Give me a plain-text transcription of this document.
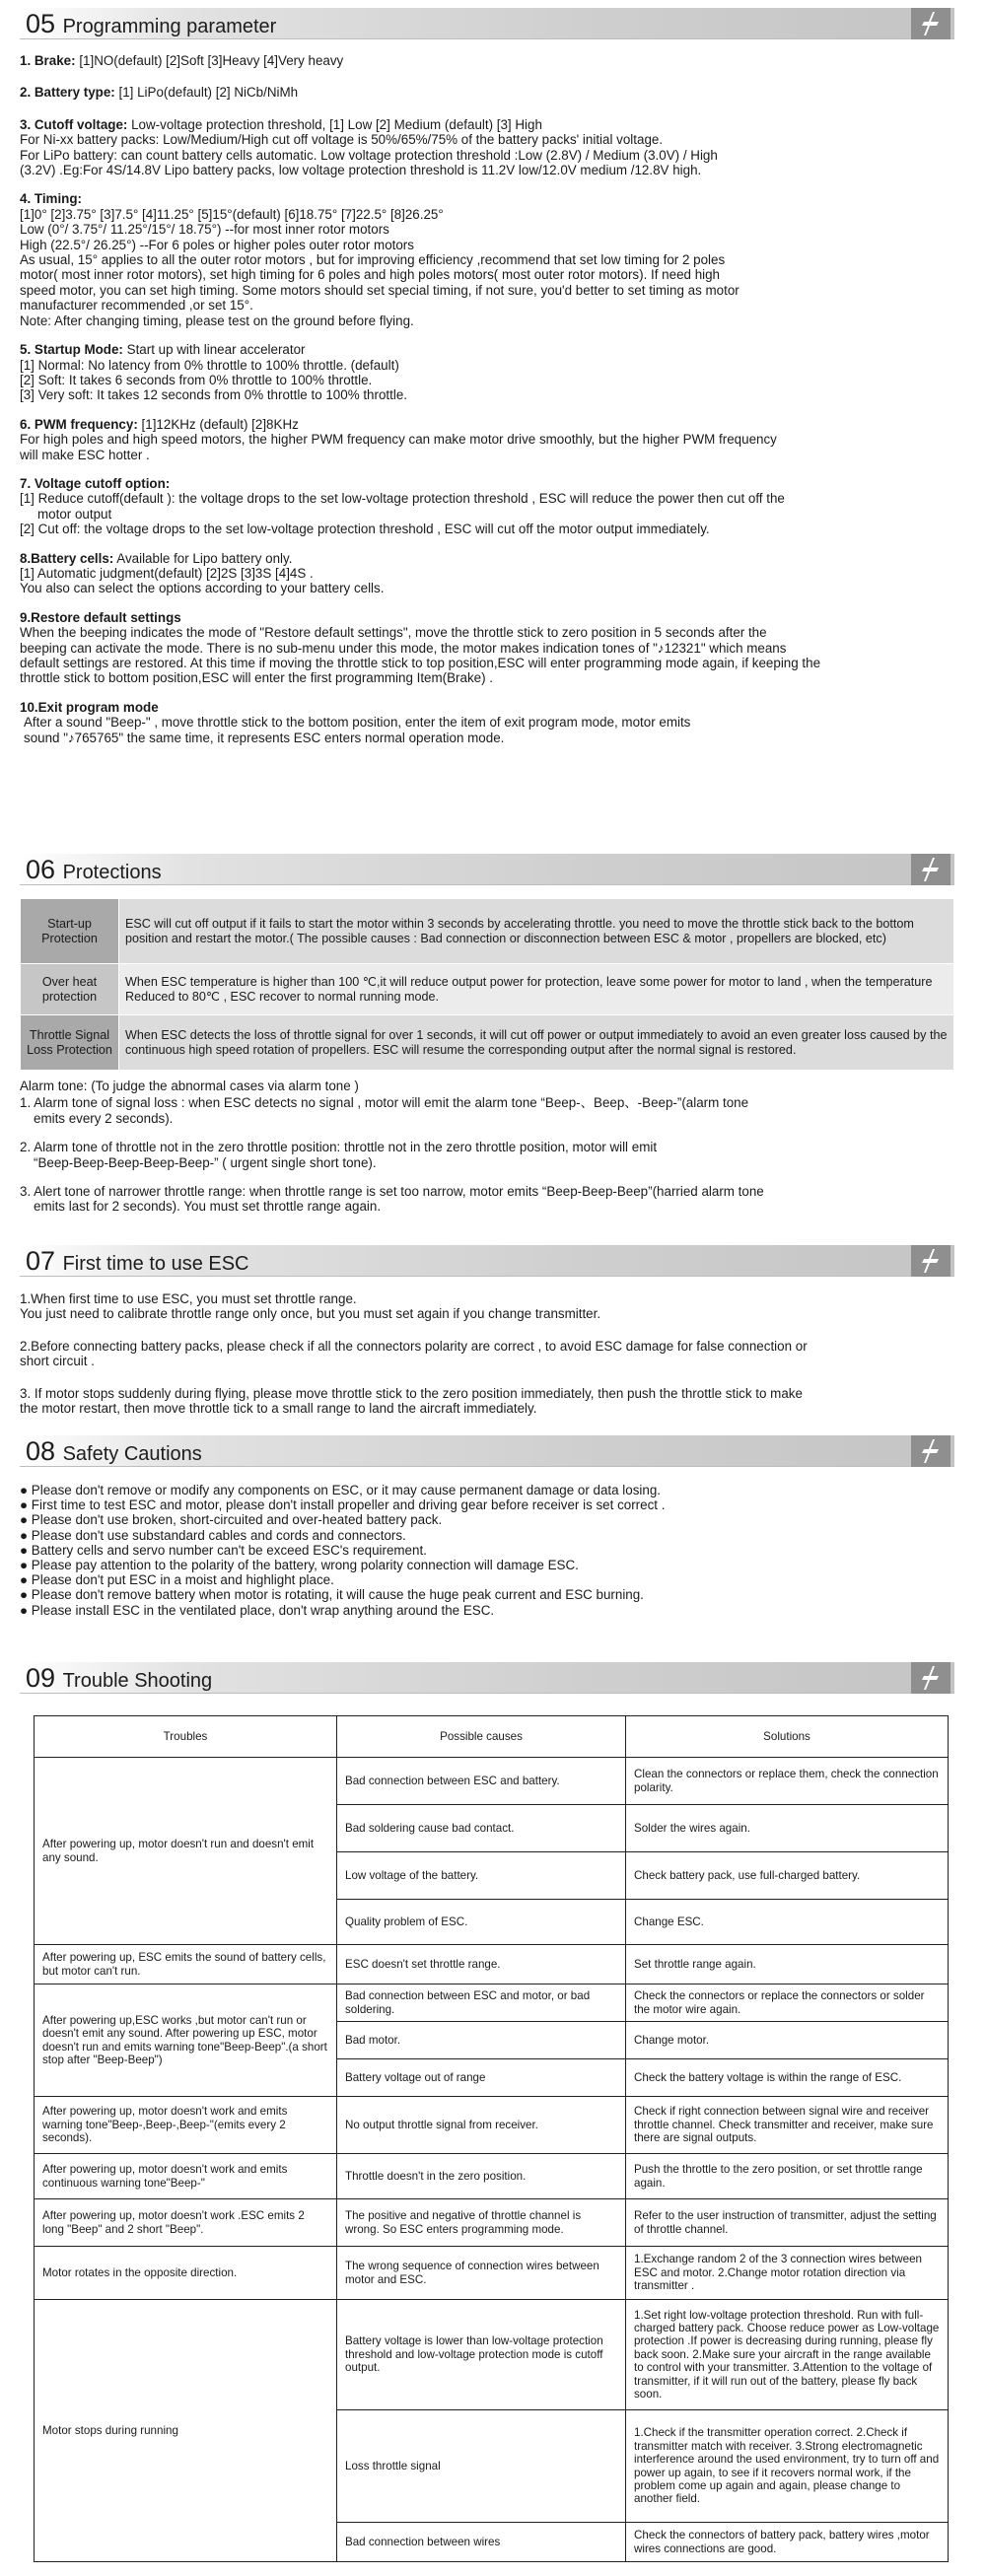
05 Programming parameter

1. Brake: [1]NO(default) [2]Soft [3]Heavy [4]Very heavy

2. Battery type: [1] LiPo(default) [2] NiCb/NiMh

3. Cutoff voltage: Low-voltage protection threshold, [1] Low [2] Medium (default) [3] High

For Ni-xx battery packs: Low/Medium/High cut off voltage is 50%/65%/75% of the battery packs' initial voltage.

For LiPo battery: can count battery cells automatic. Low voltage protection threshold :Low (2.8V) / Medium (3.0V) / High

(3.2V) .Eg:For 4S/14.8V Lipo battery packs, low voltage protection threshold is 11.2V low/12.0V medium /12.8V high.

4. Timing:

[1]0° [2]3.75° [3]7.5° [4]11.25° [5]15°(default) [6]18.75° [7]22.5° [8]26.25°

Low (0°/ 3.75°/ 11.25°/15°/ 18.75°) --for most inner rotor motors

High (22.5°/ 26.25°) --For 6 poles or higher poles outer rotor motors

As usual, 15° applies to all the outer rotor motors , but for improving efficiency ,recommend that set low timing for 2 poles

motor( most inner rotor motors), set high timing for 6 poles and high poles motors( most outer rotor motors). If need high

speed motor, you can set high timing. Some motors should set special timing, if not sure, you'd better to set timing as motor

manufacturer recommended ,or set 15°.

Note: After changing timing, please test on the ground before flying.

5. Startup Mode: Start up with linear accelerator

[1] Normal: No latency from 0% throttle to 100% throttle. (default)

[2] Soft: It takes 6 seconds from 0% throttle to 100% throttle.

[3] Very soft: It takes 12 seconds from 0% throttle to 100% throttle.

6. PWM frequency: [1]12KHz (default) [2]8KHz

For high poles and high speed motors, the higher PWM frequency can make motor drive smoothly, but the higher PWM frequency

will make ESC hotter .

7. Voltage cutoff option:

[1] Reduce cutoff(default ): the voltage drops to the set low-voltage protection threshold , ESC will reduce the power then cut off the

motor output

[2] Cut off: the voltage drops to the set low-voltage protection threshold , ESC will cut off the motor output immediately.

8.Battery cells: Available for Lipo battery only.

[1] Automatic judgment(default) [2]2S [3]3S [4]4S .

You also can select the options according to your battery cells.

9.Restore default settings

When the beeping indicates the mode of "Restore default settings", move the throttle stick to zero position in 5 seconds after the

beeping can activate the mode. There is no sub-menu under this mode, the motor makes indication tones of "♪12321" which means

default settings are restored. At this time if moving the throttle stick to top position,ESC will enter programming mode again, if keeping the

throttle stick to bottom position,ESC will enter the first programming Item(Brake) .

10.Exit program mode

After a sound "Beep-" , move throttle stick to the bottom position, enter the item of exit program mode, motor emits

sound "♪765765" the same time, it represents ESC enters normal operation mode.

06 Protections
Start-up Protection	ESC will cut off output if it fails to start the motor within 3 seconds by accelerating throttle. you need to move the throttle stick back to the bottom position and restart the motor.( The possible causes : Bad connection or disconnection between ESC & motor , propellers are blocked, etc)
Over heat protection	When ESC temperature is higher than 100 ℃,it will reduce output power for protection, leave some power for motor to land , when the temperature Reduced to 80℃ , ESC recover to normal running mode.
Throttle Signal Loss Protection	When ESC detects the loss of throttle signal for over 1 seconds, it will cut off power or output immediately to avoid an even greater loss caused by the continuous high speed rotation of propellers. ESC will resume the corresponding output after the normal signal is restored.

Alarm tone: (To judge the abnormal cases via alarm tone )

1. Alarm tone of signal loss : when ESC detects no signal , motor will emit the alarm tone “Beep-、Beep、-Beep-”(alarm tone

emits every 2 seconds).

2. Alarm tone of throttle not in the zero throttle position: throttle not in the zero throttle position, motor will emit

“Beep-Beep-Beep-Beep-Beep-” ( urgent single short tone).

3. Alert tone of narrower throttle range: when throttle range is set too narrow, motor emits “Beep-Beep-Beep”(harried alarm tone

emits last for 2 seconds). You must set throttle range again.

07 First time to use ESC

1.When first time to use ESC, you must set throttle range.

You just need to calibrate throttle range only once, but you must set again if you change transmitter.

2.Before connecting battery packs, please check if all the connectors polarity are correct , to avoid ESC damage for false connection or

short circuit .

3. If motor stops suddenly during flying, please move throttle stick to the zero position immediately, then push the throttle stick to make

the motor restart, then move throttle tick to a small range to land the aircraft immediately.

08 Safety Cautions

● Please don't remove or modify any components on ESC, or it may cause permanent damage or data losing.

● First time to test ESC and motor, please don't install propeller and driving gear before receiver is set correct .

● Please don't use broken, short-circuited and over-heated battery pack.

● Please don't use substandard cables and cords and connectors.

● Battery cells and servo number can't be exceed ESC's requirement.

● Please pay attention to the polarity of the battery, wrong polarity connection will damage ESC.

● Please don't put ESC in a moist and highlight place.

● Please don't remove battery when motor is rotating, it will cause the huge peak current and ESC burning.

● Please install ESC in the ventilated place, don't wrap anything around the ESC.

09 Trouble Shooting
Troubles	Possible causes	Solutions
After powering up, motor doesn't run and doesn't emit any sound.	Bad connection between ESC and battery.	Clean the connectors or replace them, check the connection polarity.
	Bad soldering cause bad contact.	Solder the wires again.
	Low voltage of the battery.	Check battery pack, use full-charged battery.
	Quality problem of ESC.	Change ESC.
After powering up, ESC emits the sound of battery cells, but motor can't run.	ESC doesn't set throttle range.	Set throttle range again.
After powering up,ESC works ,but motor can't run or doesn't emit any sound. After powering up ESC, motor doesn't run and emits warning tone"Beep-Beep".(a short stop after "Beep-Beep")	Bad connection between ESC and motor, or bad soldering.	Check the connectors or replace the connectors or solder the motor wire again.
	Bad motor.	Change motor.
	Battery voltage out of range	Check the battery voltage is within the range of ESC.
After powering up, motor doesn't work and emits warning tone"Beep-,Beep-,Beep-"(emits every 2 seconds).	No output throttle signal from receiver.	Check if right connection between signal wire and receiver throttle channel. Check transmitter and receiver, make sure there are signal outputs.
After powering up, motor doesn't work and emits continuous warning tone"Beep-"	Throttle doesn't in the zero position.	Push the throttle to the zero position, or set throttle range again.
After powering up, motor doesn't work .ESC emits 2 long "Beep" and 2 short "Beep".	The positive and negative of throttle channel is wrong. So ESC enters programming mode.	Refer to the user instruction of transmitter, adjust the setting of throttle channel.
Motor rotates in the opposite direction.	The wrong sequence of connection wires between motor and ESC.	1.Exchange random 2 of the 3 connection wires between ESC and motor. 2.Change motor rotation direction via transmitter .
Motor stops during running	Battery voltage is lower than low-voltage protection threshold and low-voltage protection mode is cutoff output.	1.Set right low-voltage protection threshold. Run with full-charged battery pack. Choose reduce power as Low-voltage protection .If power is decreasing during running, please fly back soon. 2.Make sure your aircraft in the range available to control with your transmitter. 3.Attention to the voltage of transmitter, if it will run out of the battery, please fly back soon.
	Loss throttle signal	1.Check if the transmitter operation correct. 2.Check if transmitter match with receiver. 3.Strong electromagnetic interference around the used environment, try to turn off and power up again, to see if it recovers normal work, if the problem come up again and again, please change to another field.
	Bad connection between wires	Check the connectors of battery pack, battery wires ,motor wires connections are good.
